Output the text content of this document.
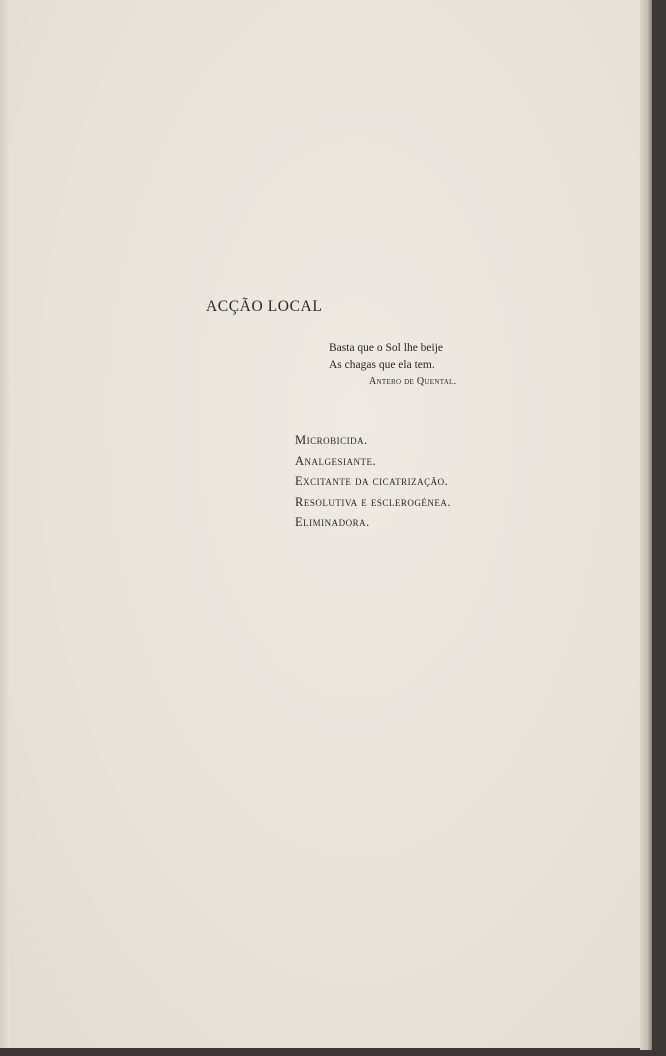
ACÇÃO LOCAL
Basta que o Sol lhe beije
As chagas que ela tem.
Antero de Quental.
Microbicida.
Analgesiante.
Excitante da cicatrização.
Resolutiva e esclerogénea.
Eliminadora.
